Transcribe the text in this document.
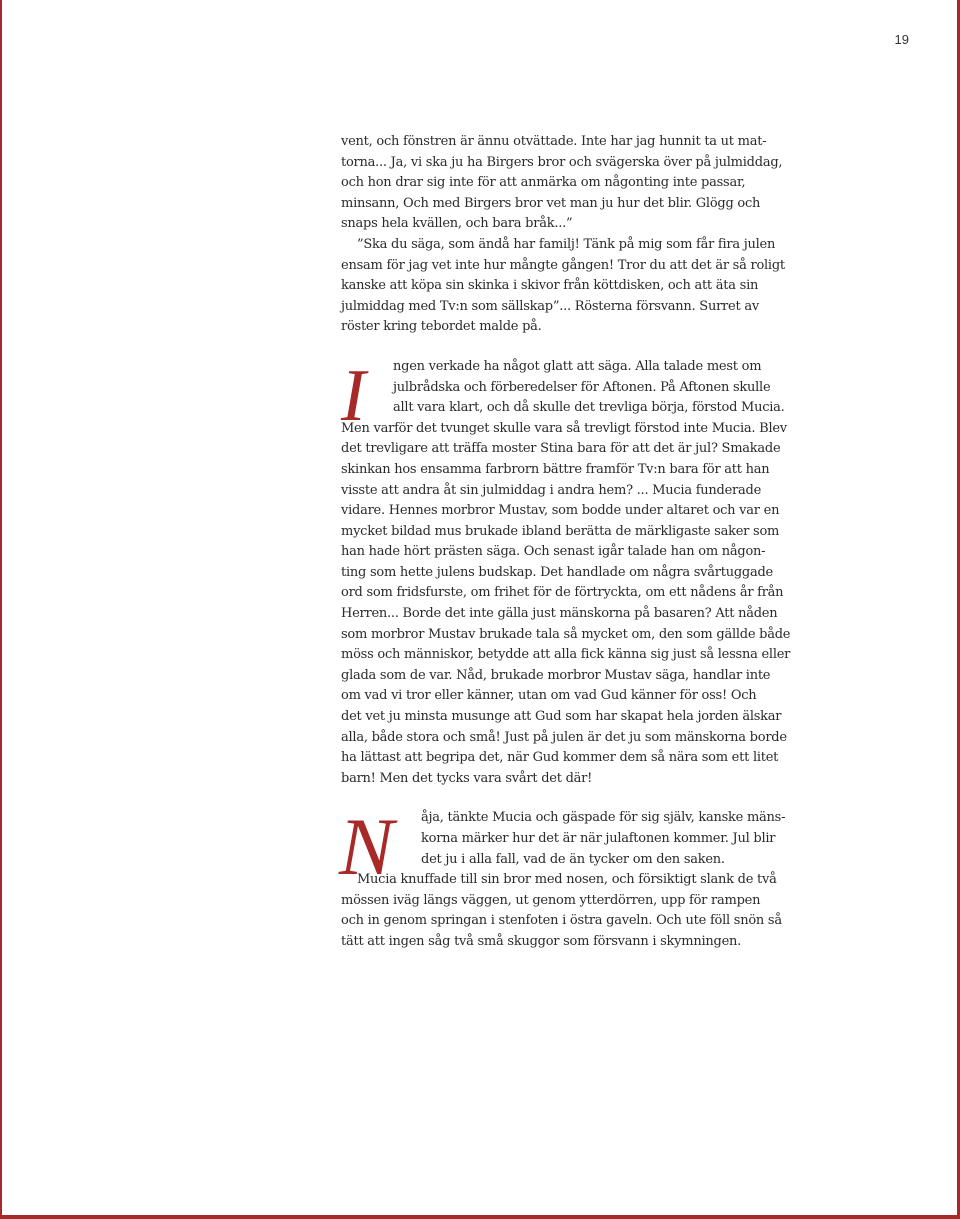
19
vent, och fönstren är ännu otvättade. Inte har jag hunnit ta ut mat-
torna... Ja, vi ska ju ha Birgers bror och svägerska över på julmiddag,
och hon drar sig inte för att anmärka om någonting inte passar,
minsann, Och med Birgers bror vet man ju hur det blir. Glögg och
snaps hela kvällen, och bara bråk...”
”Ska du säga, som ändå har familj! Tänk på mig som får fira julen
ensam för jag vet inte hur mångte gången! Tror du att det är så roligt
kanske att köpa sin skinka i skivor från köttdisken, och att äta sin
julmiddag med Tv:n som sällskap”... Rösterna försvann. Surret av
röster kring tebordet malde på.
I	ngen verkade ha något glatt att säga. Alla talade mest om
julbrådska och förberedelser för Aftonen. På Aftonen skulle
allt vara klart, och då skulle det trevliga börja, förstod Mucia.
Men varför det tvunget skulle vara så trevligt förstod inte Mucia. Blev
det trevligare att träffa moster Stina bara för att det är jul? Smakade
skinkan hos ensamma farbrorn bättre framför Tv:n bara för att han
visste att andra åt sin julmiddag i andra hem? ... Mucia funderade
vidare. Hennes morbror Mustav, som bodde under altaret och var en
mycket bildad mus brukade ibland berätta de märkligaste saker som
han hade hört prästen säga. Och senast igår talade han om någon-
ting som hette julens budskap. Det handlade om några svårtuggade
ord som fridsfurste, om frihet för de förtryckta, om ett nådens år från
Herren... Borde det inte gälla just mänskorna på basaren? Att nåden
som morbror Mustav brukade tala så mycket om, den som gällde både
möss och människor, betydde att alla fick känna sig just så lessna eller
glada som de var. Nåd, brukade morbror Mustav säga, handlar inte
om vad vi tror eller känner, utan om vad Gud känner för oss! Och
det vet ju minsta musunge att Gud som har skapat hela jorden älskar
alla, både stora och små! Just på julen är det ju som mänskorna borde
ha lättast att begripa det, när Gud kommer dem så nära som ett litet
barn! Men det tycks vara svårt det där!
N	åja, tänkte Mucia och gäspade för sig själv, kanske mäns-
korna märker hur det är när julaftonen kommer. Jul blir
det ju i alla fall, vad de än tycker om den saken.
Mucia knuffade till sin bror med nosen, och försiktigt slank de två
mössen iväg längs väggen, ut genom ytterdörren, upp för rampen
och in genom springan i stenfoten i östra gaveln. Och ute föll snön så
tätt att ingen såg två små skuggor som försvann i skymningen.
